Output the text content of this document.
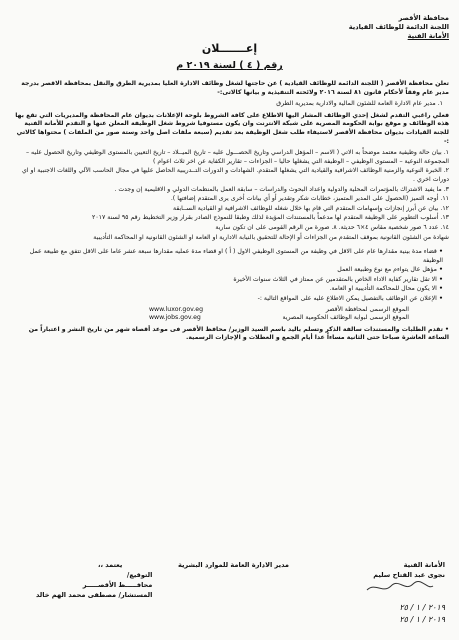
محافظة الأقصر
اللجنة الدائمة للوظائف القيادية
الأمانة الفنية
إعـــــــلان
رقم ( ٤ ) لسنة ٢٠١٩ م

تعلن محافظة الأقصر ( اللجنة الدائمة للوظائف القيادية ) عن حاجتها لشغل وظائف الادارة العليا بمديرية الطرق والنقل بمحافظة الاقصر بدرجة مدير عام وفقاً لأحكام قانون ٨١ لسنة ٢٠١٦ ولائحته التنفيذية و بيانها كالاتى:-

١. مدير عام الادارة العامة للشئون المالية والادارية بمديرية الطرق

فعلي راغبي التقدم لشغل إحدي الوظائف المشار اليها الاطلاع على كافة الشروط بلوحة الإعلانات بديوان عام المحافظة والمديريات التي تقع بها هذه الوظائف و موقع بوابة الحكومة المصرية على شبكة الانترنت وان يكون مستوفيا شروط شغل الوظيفة المعلن عنها و التقدم للأمانة الفنية للجنة القيادات بديوان محافظة الأقصر لاستيفاء طلب شغل الوظيفة بعد تقديم (سبعة ملفات اصل واحد وستة صور من الملفات ) محتواها كالاتي :-

١. بيان حالة وظيفية معتمد موضحاً به الاتي ( الاسم – المؤهل الدراسي وتاريخ الحصـــول عليه – تاريخ الميــلاد – تاريخ التعيين بالمستوى الوظيفي وتاريخ الحصول عليه – المجموعة النوعية – المستوى الوظيفي – الوظيفة التي يشغلها حاليا – الجزاءات – تقارير الكفاية عن اخر ثلاث اعوام )
٢. الخبرة النوعية والزمنية الوظائف الاشرافية والقيادية التي يشغلها المتقدم. الشهادات و الدورات التــدريبية الحاصل عليها في مجال الحاسب الآلي واللغات الاجنبية او اي دورات اخري .
٣. ما يفيد الاشتراك بالمؤتمرات المحلية والدولية واعداد البحوث والدراسات – سابقة العمل بالمنظمات الدولي و الاقليمية إن وجدت .
١١. أوجه التميز (الحصول على المدير المتميز، خطابات شكر وتقدير أو أي بيانات أخرى يرى المتقدم إضافتها ).
١٢. بيان عن أبرز إنجازات وإسهامات المتقدم التي قام بها خلال شغله للوظائف الاشرافية او القيادية الســابقة
١٣. أسلوب التطوير على الوظيفة المتقدم لها مدعماً بالمستندات المؤيدة لذلك وطبقا للنموذج الصادر بقرار وزير التخطيط رقم ٩٥ لسنة ٢٠١٧
١٤. عدد ٦ صور شخصية مقاس ٤×٦ حديثة. ٨. صورة من الرقم القومى على ان تكون سارية
شهادة من الشئون القانونية بموقف المتقدم من الجزاءات أو الإحالة للتحقيق بالنيابة الادارية او العامة او الشئون القانونية او المحاكمة التأديبية
• قضاء مدة بينية مقدارها عام على الاقل في وظيفة من المستوى الوظيفي الاول ( أ ) او قضاء مدة عمليه مقدارها سبعة عشر عاما على الاقل تتفق مع طبيعة عمل الوظيفة
• مؤهل عال يتواءم مع نوع وطبيعة العمل
• الا تقل تقارير كفاية الاداء الخاص بالمتقدمين عن ممتاز في الثلاث سنوات الأخيرة
• الا يكون محال للمحاكمة التأديبية او العامة.
• الإعلان عن الوظائف بالتفصيل يمكن الاطلاع عليه على المواقع التالية :-
الموقع الرسمى لمحافظة الأقصر
www.luxor.gov.eg
الموقع الرسمى لبوابة الوظائف الحكومية المصرية
www.jobs.gov.eg

• تقدم الطلبات والمستندات سالفة الذكر وتسلم باليد باسم السيد الوزير/ محافظ الأقصر فى موعد أقصاه شهر من تاريخ النشر و اعتباراً من الساعة العاشرة صباحا حتى الثانية مساءاً عدا أيام الجمع و العطلات و الإجازات الرسمية.

الأمانة الفنية
نجوى عبد الفتاح سليم
مدير الادارة العامة للموارد البشرية
يعتمد ،،
التوقيع/
محافـــــظ الأقصـــــر
المستشار/ مصطفى محمد الهم خالد
٢٠١٩ / ١ / ٢٥
٢٠١٩ / ١ / ٢٥
